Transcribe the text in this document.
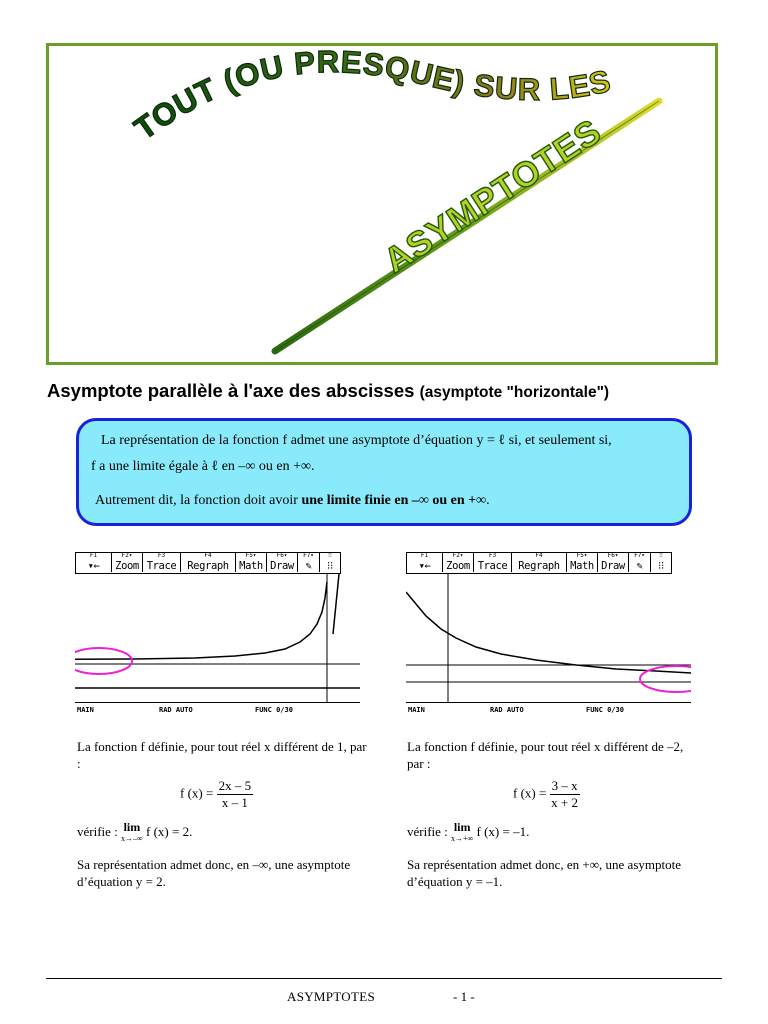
TOUT (OU PRESQUE) SUR LES
ASYMPTOTES
Asymptote parallèle à l'axe des abscisses (asymptote "horizontale")
La représentation de la fonction f admet une asymptote d’équation y = ℓ si, et seulement si,
f a une limite égale à ℓ en –∞ ou en +∞.
Autrement dit, la fonction doit avoir une limite finie en –∞ ou en +∞.
F1
▾←
F2▾
Zoom
F3
Trace
F4
Regraph
F5▾
Math
F6▾
Draw
F7▾
✎
⁝⁝
⁝⁝
MAIN	RAD AUTO	FUNC 0/30
F1
▾←
F2▾
Zoom
F3
Trace
F4
Regraph
F5▾
Math
F6▾
Draw
F7▾
✎
⁝⁝
⁝⁝
MAIN	RAD AUTO	FUNC 0/30
La fonction f définie, pour tout réel x différent de 1, par :
f $(x) = \frac{2x - 5}{x - 1}$
vérifie : lim
x→–∞ f (x) = 2.
Sa représentation admet donc, en –∞, une asymptote d’équation y = 2.
La fonction f définie, pour tout réel x différent de –2, par :
f $(x) = \frac{3 - x}{x + 2}$
vérifie : lim
x→+∞ f (x) = –1.
Sa représentation admet donc, en +∞, une asymptote d’équation y = –1.
ASYMPTOTES	- 1 -
